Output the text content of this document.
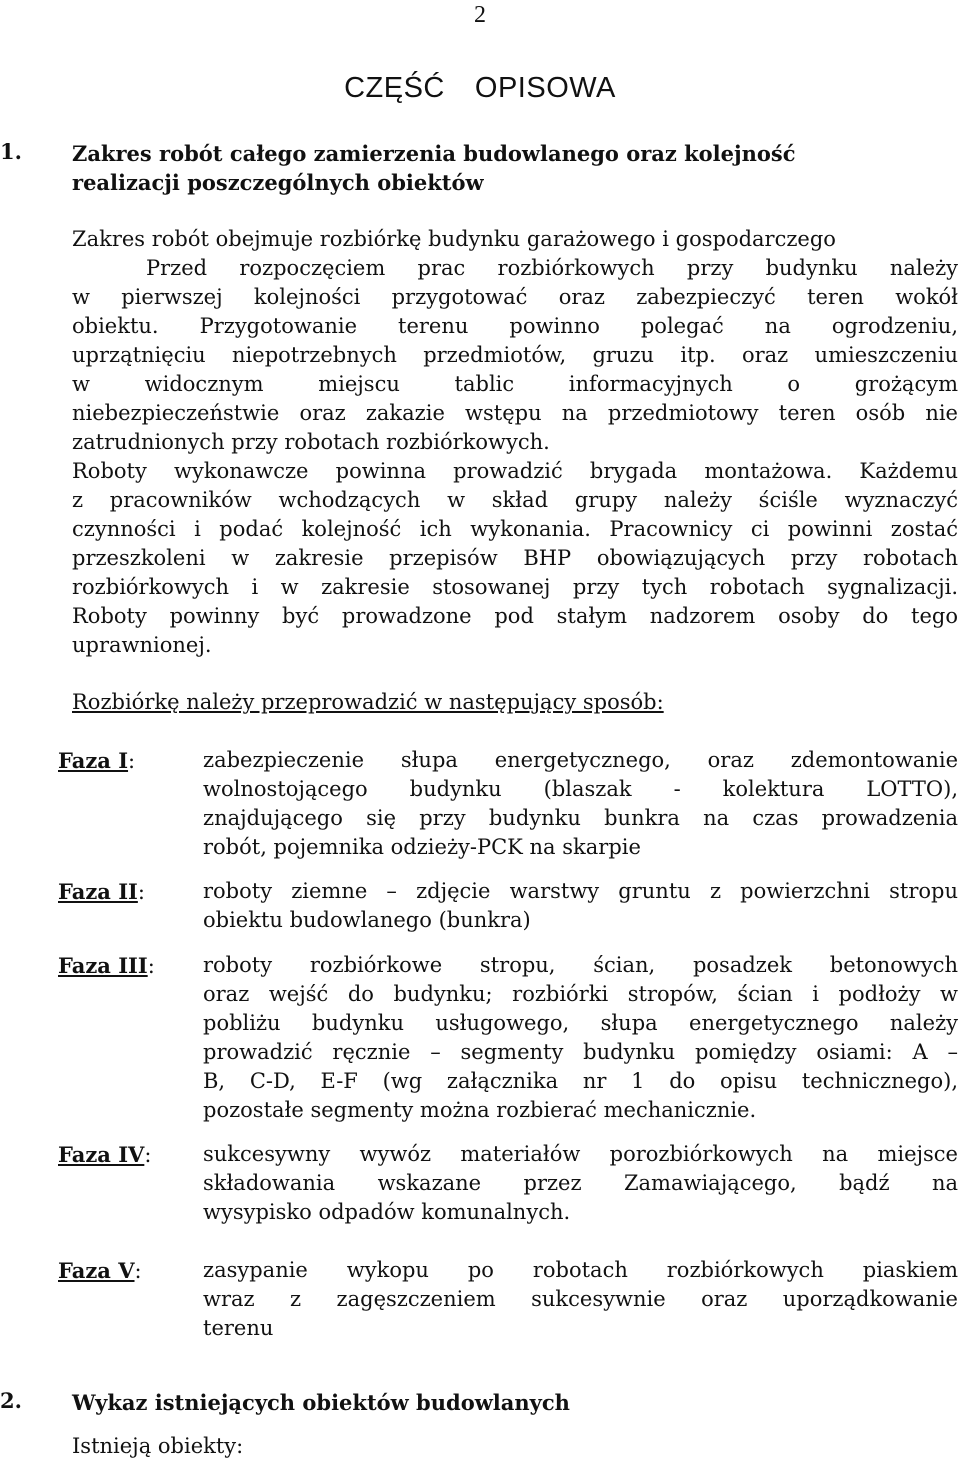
2
CZĘŚĆ OPISOWA
1. Zakres robót całego zamierzenia budowlanego oraz kolejność
realizacji poszczególnych obiektów
Zakres robót obejmuje rozbiórkę budynku garażowego i gospodarczego
Przed rozpoczęciem prac rozbiórkowych przy budynku należy
w pierwszej kolejności przygotować oraz zabezpieczyć teren wokół
obiektu. Przygotowanie terenu powinno polegać na ogrodzeniu,
uprzątnięciu niepotrzebnych przedmiotów, gruzu itp. oraz umieszczeniu
w widocznym miejscu tablic informacyjnych o grożącym
niebezpieczeństwie oraz zakazie wstępu na przedmiotowy teren osób nie
zatrudnionych przy robotach rozbiórkowych.
Roboty wykonawcze powinna prowadzić brygada montażowa. Każdemu
z pracowników wchodzących w skład grupy należy ściśle wyznaczyć
czynności i podać kolejność ich wykonania. Pracownicy ci powinni zostać
przeszkoleni w zakresie przepisów BHP obowiązujących przy robotach
rozbiórkowych i w zakresie stosowanej przy tych robotach sygnalizacji.
Roboty powinny być prowadzone pod stałym nadzorem osoby do tego
uprawnionej.
Rozbiórkę należy przeprowadzić w następujący sposób:
Faza I:	zabezpieczenie słupa energetycznego, oraz zdemontowanie
wolnostojącego budynku (blaszak - kolektura LOTTO),
znajdującego się przy budynku bunkra na czas prowadzenia
robót, pojemnika odzieży-PCK na skarpie
Faza II:	roboty ziemne – zdjęcie warstwy gruntu z powierzchni stropu
obiektu budowlanego (bunkra)
Faza III: roboty rozbiórkowe stropu, ścian, posadzek betonowych
oraz wejść do budynku; rozbiórki stropów, ścian i podłoży w
pobliżu budynku usługowego, słupa energetycznego należy
prowadzić ręcznie – segmenty budynku pomiędzy osiami: A –
B, C-D, E-F (wg załącznika nr 1 do opisu technicznego),
pozostałe segmenty można rozbierać mechanicznie.
Faza IV: sukcesywny wywóz materiałów porozbiórkowych na miejsce
składowania wskazane przez Zamawiającego, bądź na
wysypisko odpadów komunalnych.
Faza V:	zasypanie wykopu po robotach rozbiórkowych piaskiem
wraz z zagęszczeniem sukcesywnie oraz uporządkowanie
terenu
2. Wykaz istniejących obiektów budowlanych
Istnieją obiekty:
